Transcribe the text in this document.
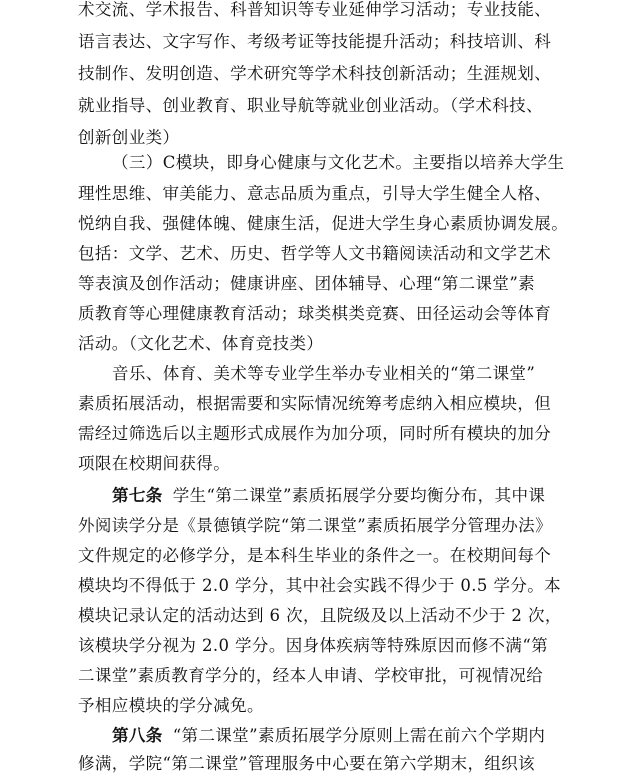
术交流、学术报告、科普知识等专业延伸学习活动；专业技能、
语言表达、文字写作、考级考证等技能提升活动；科技培训、科
技制作、发明创造、学术研究等学术科技创新活动；生涯规划、
就业指导、创业教育、职业导航等就业创业活动。（学术科技、
创新创业类）
（三）C模块，即身心健康与文化艺术。主要指以培养大学生
理性思维、审美能力、意志品质为重点，引导大学生健全人格、
悦纳自我、强健体魄、健康生活，促进大学生身心素质协调发展。
包括：文学、艺术、历史、哲学等人文书籍阅读活动和文学艺术
等表演及创作活动；健康讲座、团体辅导、心理“第二课堂”素
质教育等心理健康教育活动；球类棋类竞赛、田径运动会等体育
活动。（文化艺术、体育竞技类）
音乐、体育、美术等专业学生举办专业相关的“第二课堂”
素质拓展活动，根据需要和实际情况统筹考虑纳入相应模块，但
需经过筛选后以主题形式成展作为加分项，同时所有模块的加分
项限在校期间获得。
第七条 学生“第二课堂”素质拓展学分要均衡分布，其中课
外阅读学分是《景德镇学院“第二课堂”素质拓展学分管理办法》
文件规定的必修学分，是本科生毕业的条件之一。在校期间每个
模块均不得低于 2.0 学分，其中社会实践不得少于 0.5 学分。本
模块记录认定的活动达到 6 次，且院级及以上活动不少于 2 次，
该模块学分视为 2.0 学分。因身体疾病等特殊原因而修不满“第
二课堂”素质教育学分的，经本人申请、学校审批，可视情况给
予相应模块的学分减免。
第八条 “第二课堂”素质拓展学分原则上需在前六个学期内
修满，学院“第二课堂”管理服务中心要在第六学期末，组织该
